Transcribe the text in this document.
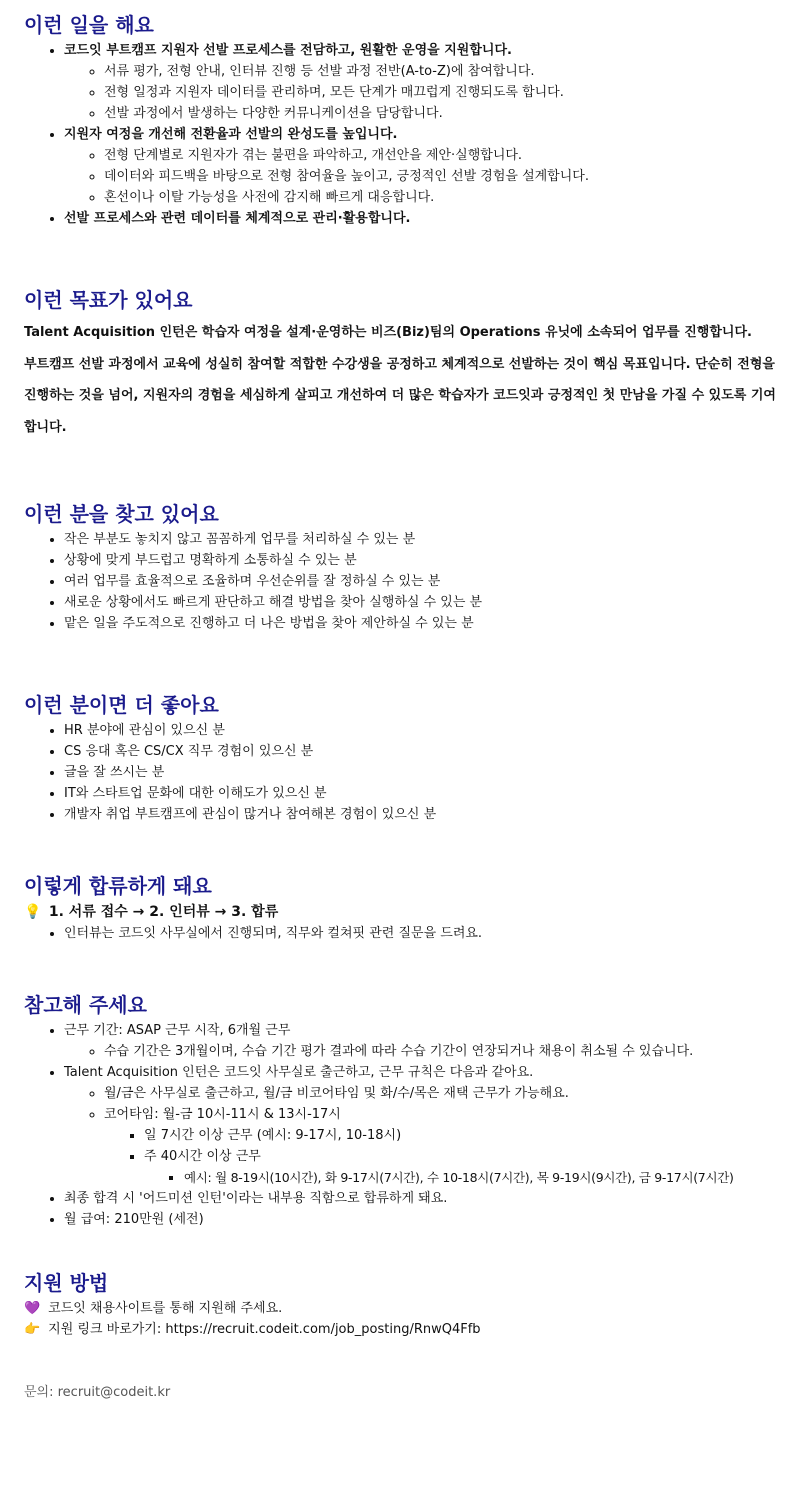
이런 일을 해요
• 코드잇 부트캠프 지원자 선발 프로세스를 전담하고, 원활한 운영을 지원합니다.
◦ 서류 평가, 전형 안내, 인터뷰 진행 등 선발 과정 전반(A-to-Z)에 참여합니다.
◦ 전형 일정과 지원자 데이터를 관리하며, 모든 단계가 매끄럽게 진행되도록 합니다.
◦ 선발 과정에서 발생하는 다양한 커뮤니케이션을 담당합니다.
• 지원자 여정을 개선해 전환율과 선발의 완성도를 높입니다.
◦ 전형 단계별로 지원자가 겪는 불편을 파악하고, 개선안을 제안·실행합니다.
◦ 데이터와 피드백을 바탕으로 전형 참여율을 높이고, 긍정적인 선발 경험을 설계합니다.
◦ 혼선이나 이탈 가능성을 사전에 감지해 빠르게 대응합니다.
• 선발 프로세스와 관련 데이터를 체계적으로 관리·활용합니다.
이런 목표가 있어요

Talent Acquisition 인턴은 학습자 여정을 설계·운영하는 비즈(Biz)팀의 Operations 유닛에 소속되어 업무를 진행합니다.

부트캠프 선발 과정에서 교육에 성실히 참여할 적합한 수강생을 공정하고 체계적으로 선발하는 것이 핵심 목표입니다. 단순히 전형을 진행하는 것을 넘어, 지원자의 경험을 세심하게 살피고 개선하여 더 많은 학습자가 코드잇과 긍정적인 첫 만남을 가질 수 있도록 기여합니다.

이런 분을 찾고 있어요
• 작은 부분도 놓치지 않고 꼼꼼하게 업무를 처리하실 수 있는 분
• 상황에 맞게 부드럽고 명확하게 소통하실 수 있는 분
• 여러 업무를 효율적으로 조율하며 우선순위를 잘 정하실 수 있는 분
• 새로운 상황에서도 빠르게 판단하고 해결 방법을 찾아 실행하실 수 있는 분
• 맡은 일을 주도적으로 진행하고 더 나은 방법을 찾아 제안하실 수 있는 분
이런 분이면 더 좋아요
• HR 분야에 관심이 있으신 분
• CS 응대 혹은 CS/CX 직무 경험이 있으신 분
• 글을 잘 쓰시는 분
• IT와 스타트업 문화에 대한 이해도가 있으신 분
• 개발자 취업 부트캠프에 관심이 많거나 참여해본 경험이 있으신 분
이렇게 합류하게 돼요
💡 1. 서류 접수 → 2. 인터뷰 → 3. 합류
• 인터뷰는 코드잇 사무실에서 진행되며, 직무와 컬쳐핏 관련 질문을 드려요.
참고해 주세요
• 근무 기간: ASAP 근무 시작, 6개월 근무
◦ 수습 기간은 3개월이며, 수습 기간 평가 결과에 따라 수습 기간이 연장되거나 채용이 취소될 수 있습니다.
• Talent Acquisition 인턴은 코드잇 사무실로 출근하고, 근무 규칙은 다음과 같아요.
◦ 월/금은 사무실로 출근하고, 월/금 비코어타임 및 화/수/목은 재택 근무가 가능해요.
◦ 코어타임: 월-금 10시-11시 & 13시-17시
▪ 일 7시간 이상 근무 (예시: 9-17시, 10-18시)
▪ 주 40시간 이상 근무
▪ 예시: 월 8-19시(10시간), 화 9-17시(7시간), 수 10-18시(7시간), 목 9-19시(9시간), 금 9-17시(7시간)
• 최종 합격 시 '어드미션 인턴'이라는 내부용 직함으로 합류하게 돼요.
• 월 급여: 210만원 (세전)
지원 방법
💜 코드잇 채용사이트를 통해 지원해 주세요.
👉 지원 링크 바로가기: https://recruit.codeit.com/job_posting/RnwQ4Ffb
문의: recruit@codeit.kr
